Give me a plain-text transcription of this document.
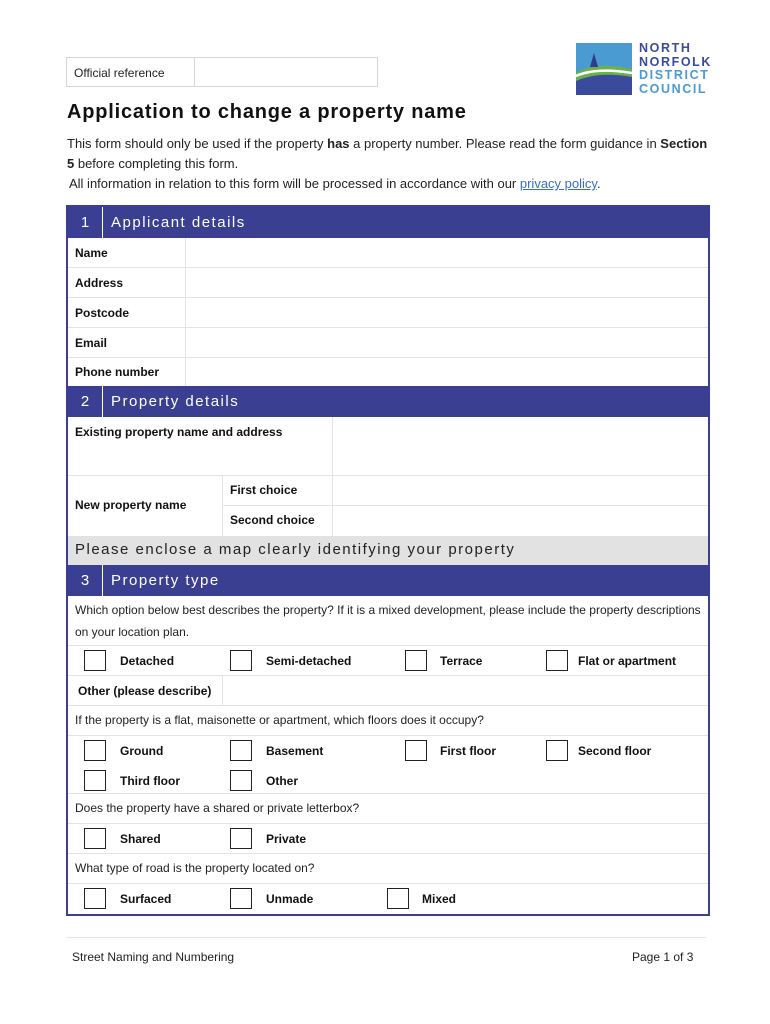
Official reference
NORTH
NORFOLK
DISTRICT
COUNCIL
Application to change a property name
This form should only be used if the property has a property number. Please read the form guidance in Section 5 before completing this form.
All information in relation to this form will be processed in accordance with our privacy policy.
1	Applicant details
Name
Address
Postcode
Email
Phone number
2	Property details
Existing property name and address
New property name
First choice
Second choice
Please enclose a map clearly identifying your property
3	Property type
Which option below best describes the property? If it is a mixed development, please include the property descriptions on your location plan.
Detached	Semi-detached	Terrace	Flat or apartment
Other (please describe)
If the property is a flat, maisonette or apartment, which floors does it occupy?
Ground	Basement	First floor	Second floor
Third floor	Other
Does the property have a shared or private letterbox?
Shared	Private
What type of road is the property located on?
Surfaced	Unmade	Mixed
Street Naming and Numbering	Page 1 of 3
